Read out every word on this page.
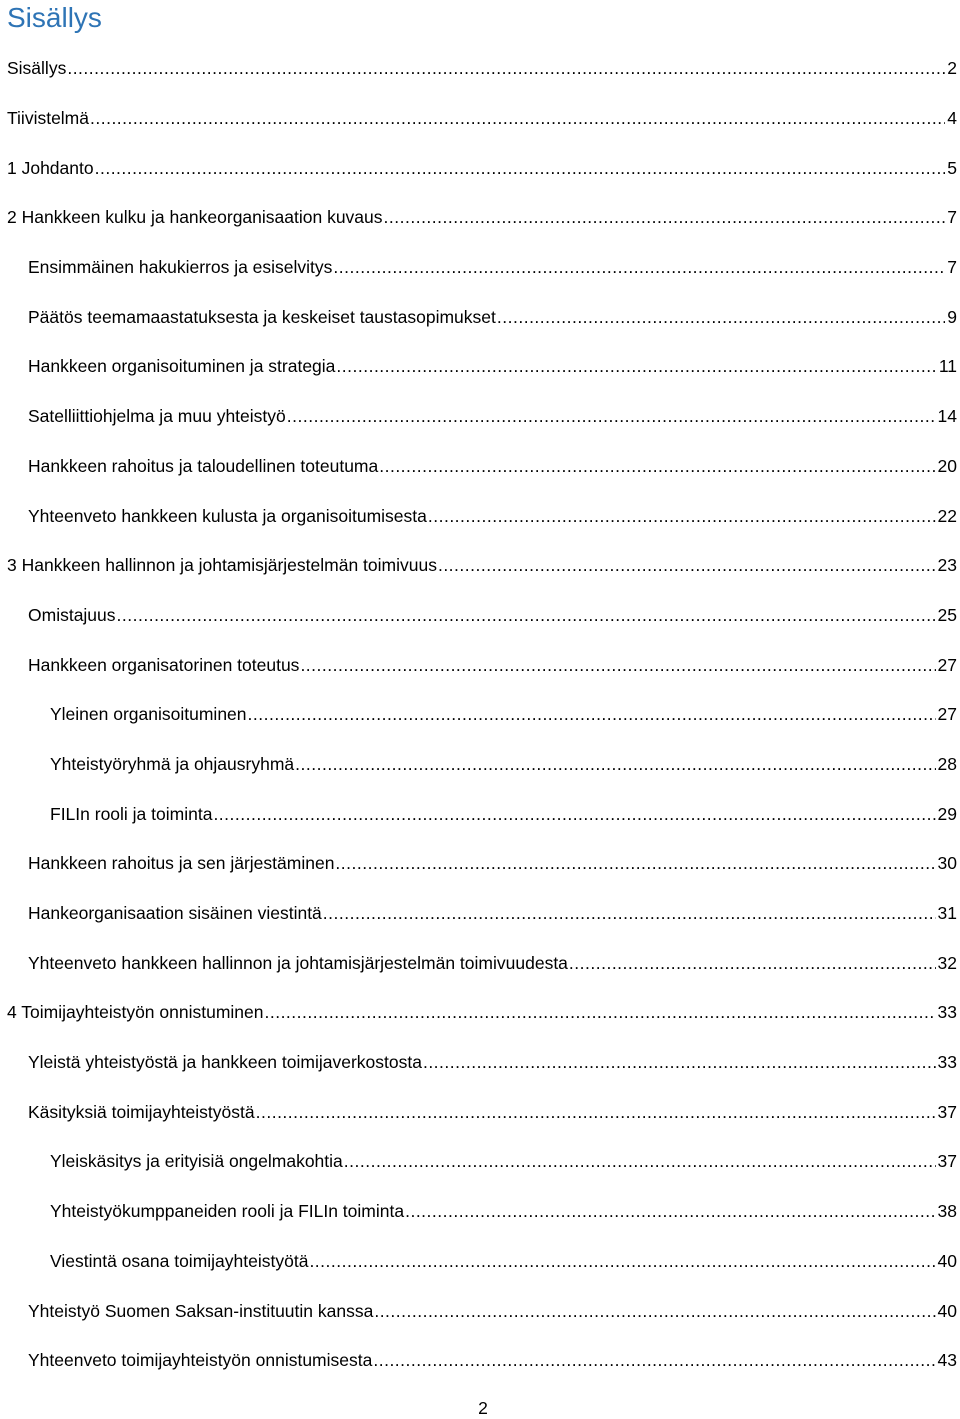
Sisällys
Sisällys .....	2
Tiivistelmä .....	4
1 Johdanto .....	5
2 Hankkeen kulku ja hankeorganisaation kuvaus .....	7
Ensimmäinen hakukierros ja esiselvitys .....	7
Päätös teemamaastatuksesta ja keskeiset taustasopimukset .....	9
Hankkeen organisoituminen ja strategia .....	11
Satelliittiohjelma ja muu yhteistyö .....	14
Hankkeen rahoitus ja taloudellinen toteutuma .....	20
Yhteenveto hankkeen kulusta ja organisoitumisesta .....	22
3 Hankkeen hallinnon ja johtamisjärjestelmän toimivuus .....	23
Omistajuus .....	25
Hankkeen organisatorinen toteutus .....	27
Yleinen organisoituminen .....	27
Yhteistyöryhmä ja ohjausryhmä .....	28
FILIn rooli ja toiminta .....	29
Hankkeen rahoitus ja sen järjestäminen .....	30
Hankeorganisaation sisäinen viestintä .....	31
Yhteenveto hankkeen hallinnon ja johtamisjärjestelmän toimivuudesta .....	32
4 Toimijayhteistyön onnistuminen .....	33
Yleistä yhteistyöstä ja hankkeen toimijaverkostosta .....	33
Käsityksiä toimijayhteistyöstä .....	37
Yleiskäsitys ja erityisiä ongelmakohtia .....	37
Yhteistyökumppaneiden rooli ja FILIn toiminta .....	38
Viestintä osana toimijayhteistyötä .....	40
Yhteistyö Suomen Saksan-instituutin kanssa .....	40
Yhteenveto toimijayhteistyön onnistumisesta .....	43
2
